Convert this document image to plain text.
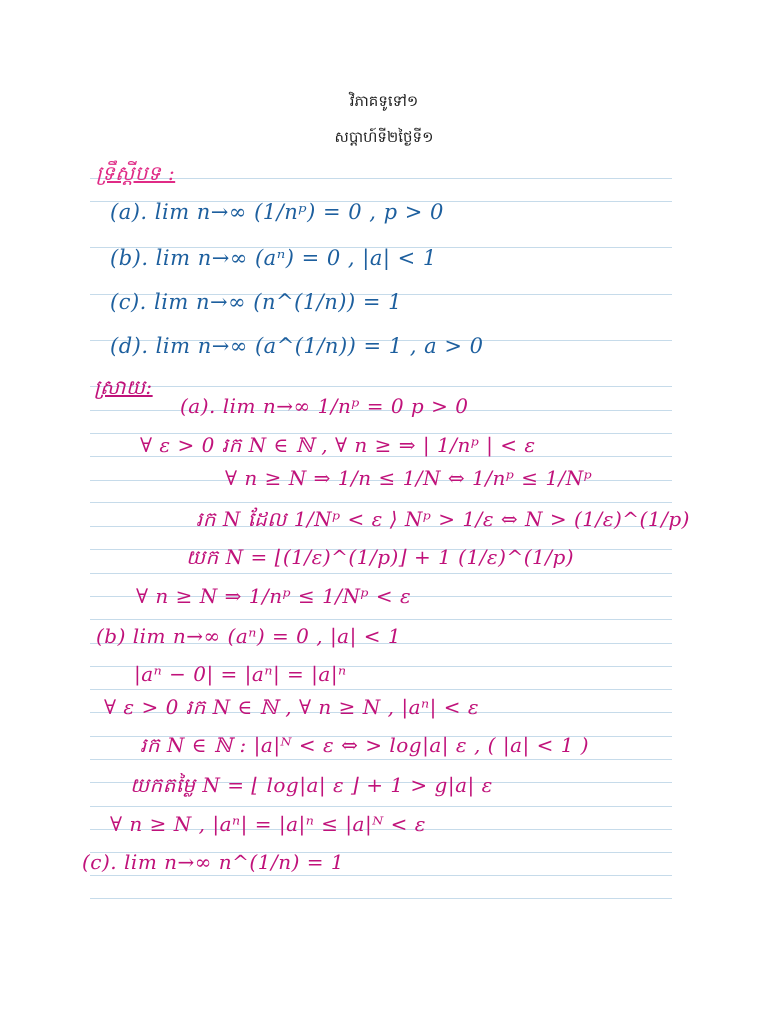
វិភាគទូទៅ១
សប្តាហ៍ទី២ថ្ងៃទី១
ទ្រឹស្តីបទ :
(a). lim n→∞ (1/nᵖ) = 0 , p > 0
(b). lim n→∞ (aⁿ) = 0 , |a| < 1
(c). lim n→∞ (n^(1/n)) = 1
(d). lim n→∞ (a^(1/n)) = 1 , a > 0
ស្រាយ:
(a). lim n→∞ 1/nᵖ = 0 p > 0
∀ ε > 0 រក N ∈ ℕ , ∀ n ≥ ⇒ | 1/nᵖ | < ε
∀ n ≥ N ⇒ 1/n ≤ 1/N ⇔ 1/nᵖ ≤ 1/Nᵖ
រក N ដែល 1/Nᵖ < ε ⟩ Nᵖ > 1/ε ⇔ N > (1/ε)^(1/p)
យក N = ⌊(1/ε)^(1/p)⌋ + 1 (1/ε)^(1/p)
∀ n ≥ N ⇒ 1/nᵖ ≤ 1/Nᵖ < ε
(b) lim n→∞ (aⁿ) = 0 , |a| < 1
|aⁿ − 0| = |aⁿ| = |a|ⁿ
∀ ε > 0 រក N ∈ ℕ , ∀ n ≥ N , |aⁿ| < ε
រក N ∈ ℕ : |a|ᴺ < ε ⇔ > log|a| ε , ( |a| < 1 )
យកតម្លៃ N = ⌊ log|a| ε ⌋ + 1 > g|a| ε
∀ n ≥ N , |aⁿ| = |a|ⁿ ≤ |a|ᴺ < ε
(c). lim n→∞ n^(1/n) = 1
